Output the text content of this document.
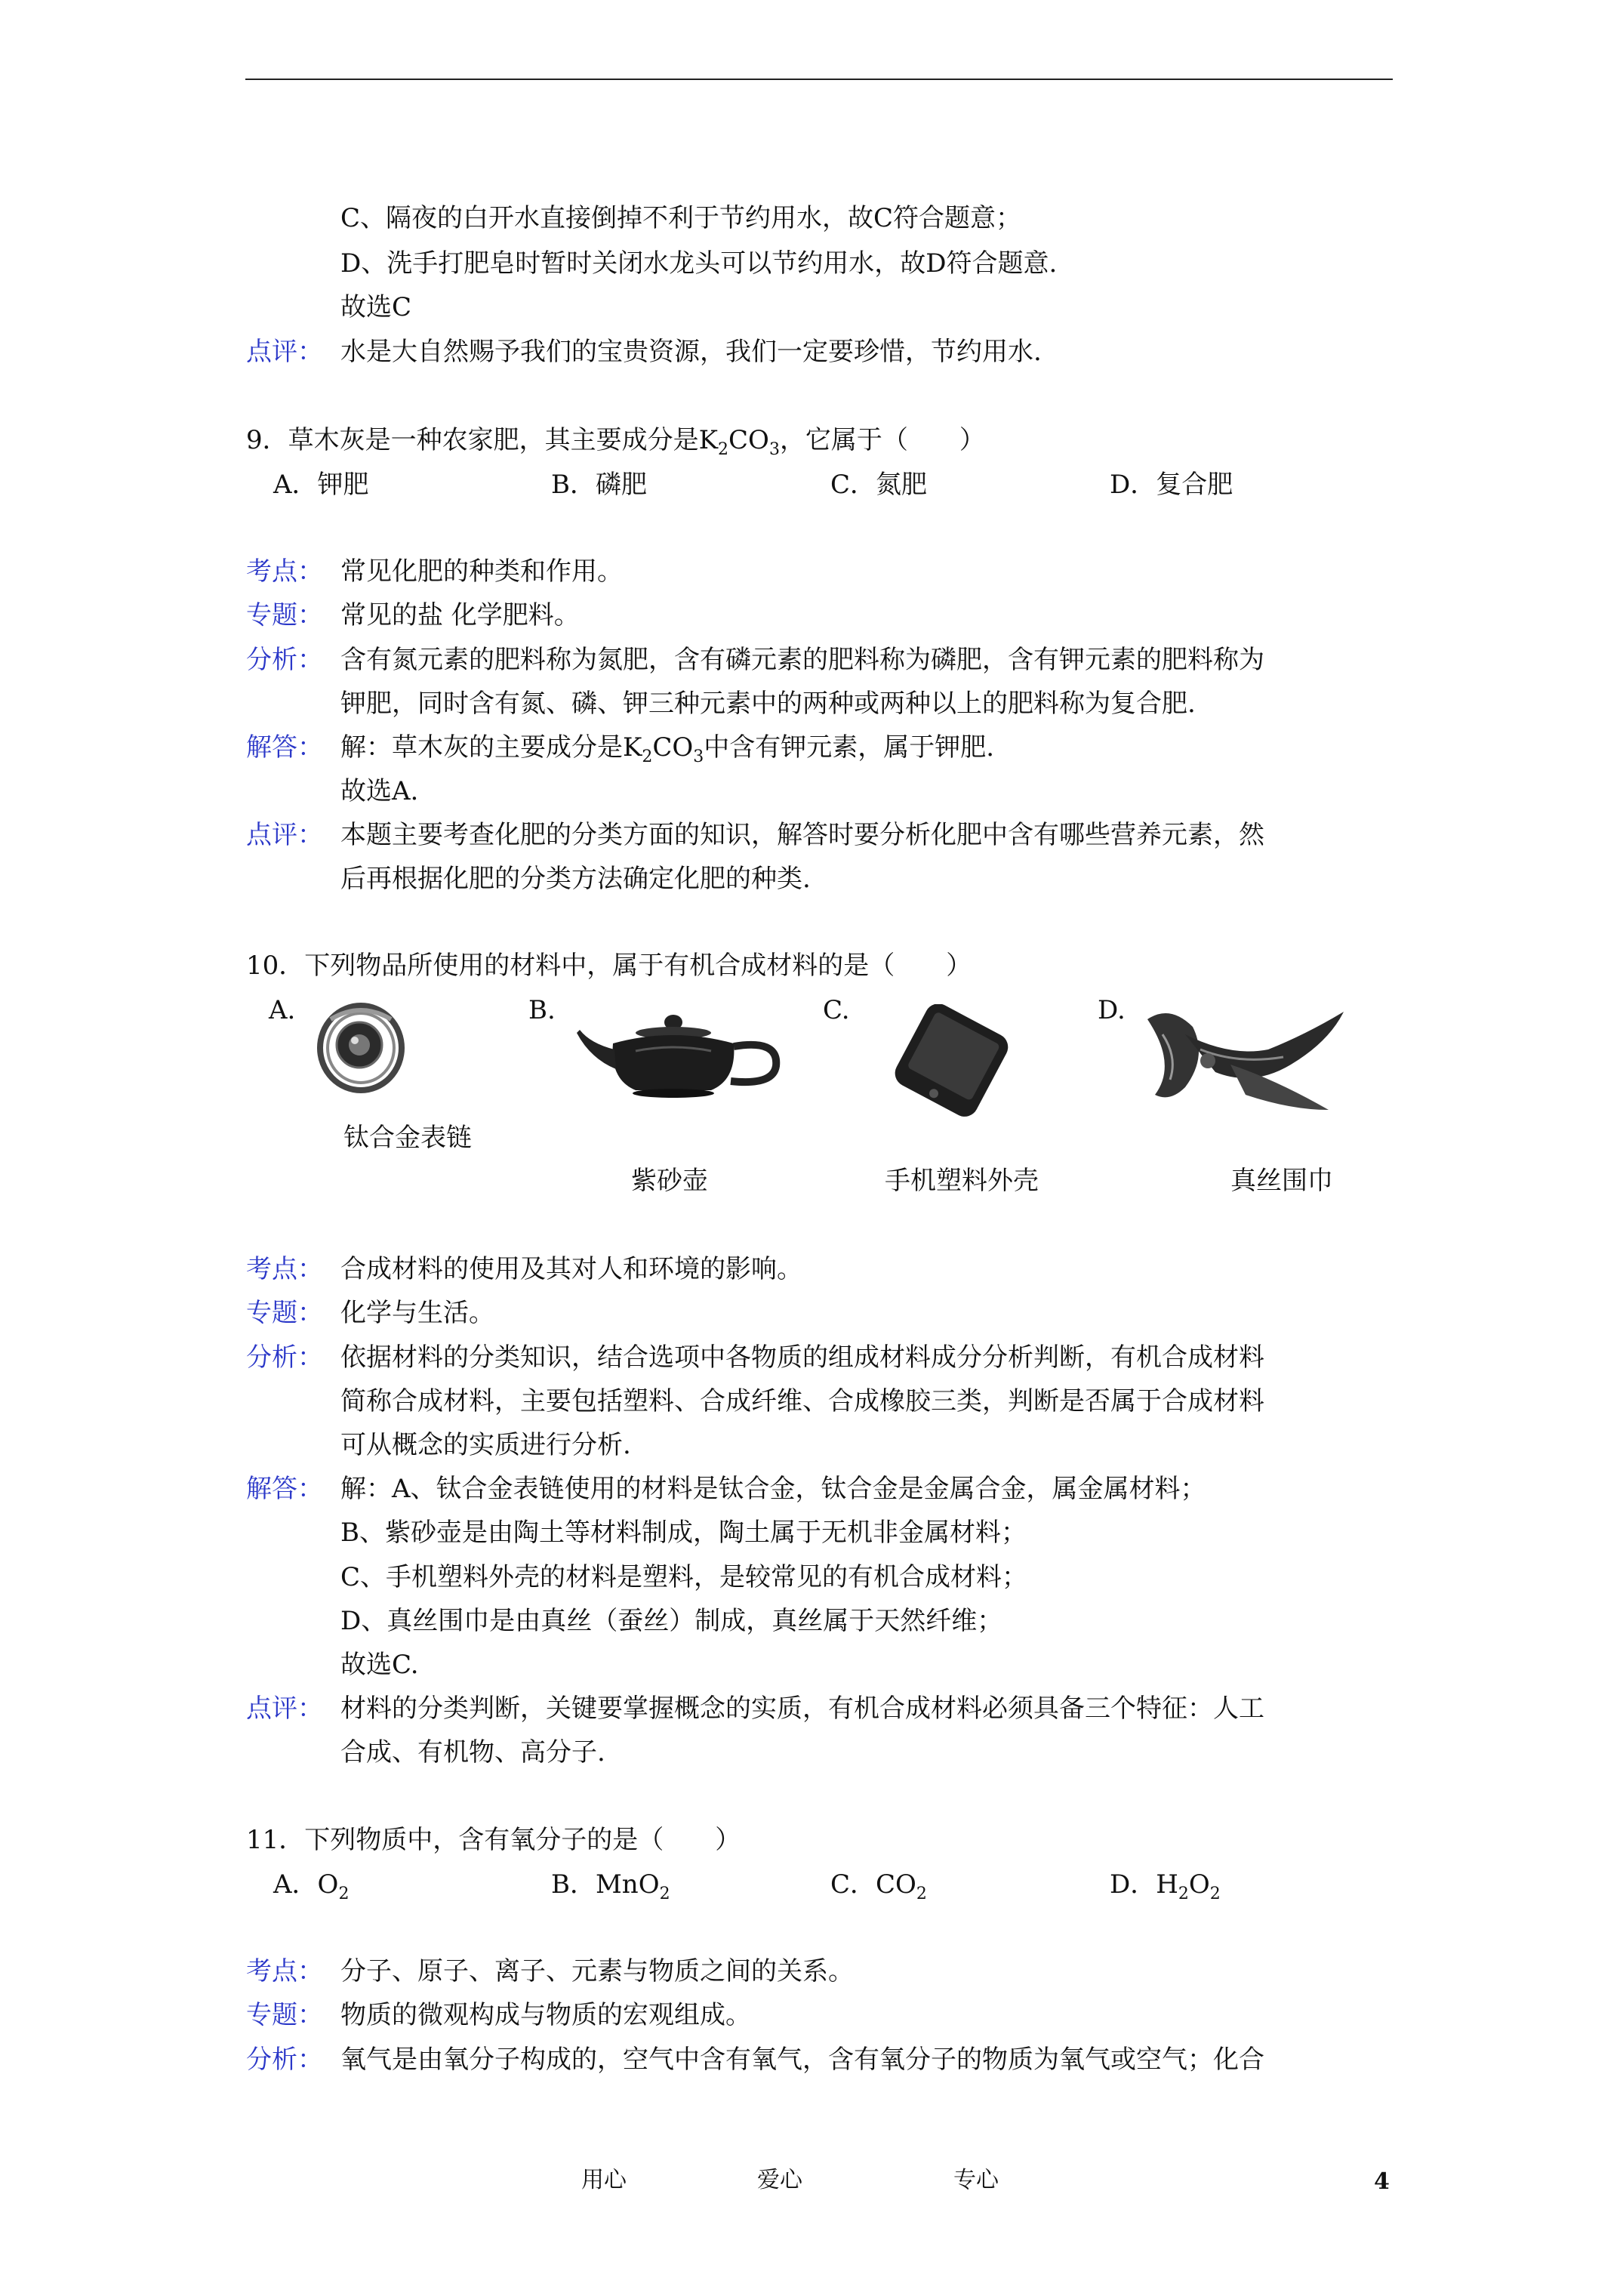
C、隔夜的白开水直接倒掉不利于节约用水，故C符合题意；
D、洗手打肥皂时暂时关闭水龙头可以节约用水，故D符合题意.
故选C
点评： 水是大自然赐予我们的宝贵资源，我们一定要珍惜，节约用水.
9．草木灰是一种农家肥，其主要成分是$K_2CO_3$，它属于（　　）
A．钾肥	B．磷肥	C．氮肥	D．复合肥
考点： 常见化肥的种类和作用。
专题： 常见的盐 化学肥料。
分析： 含有氮元素的肥料称为氮肥，含有磷元素的肥料称为磷肥，含有钾元素的肥料称为
钾肥，同时含有氮、磷、钾三种元素中的两种或两种以上的肥料称为复合肥.
解答： 解：草木灰的主要成分是$K_2CO_3$中含有钾元素，属于钾肥.
故选A.
点评： 本题主要考查化肥的分类方面的知识，解答时要分析化肥中含有哪些营养元素，然
后再根据化肥的分类方法确定化肥的种类.
10．下列物品所使用的材料中，属于有机合成材料的是（　　）
A.	B.	C.	D.
钛合金表链
紫砂壶	手机塑料外壳	真丝围巾
考点： 合成材料的使用及其对人和环境的影响。
专题： 化学与生活。
分析： 依据材料的分类知识，结合选项中各物质的组成材料成分分析判断，有机合成材料
简称合成材料，主要包括塑料、合成纤维、合成橡胶三类，判断是否属于合成材料
可从概念的实质进行分析.
解答： 解：A、钛合金表链使用的材料是钛合金，钛合金是金属合金，属金属材料；
B、紫砂壶是由陶土等材料制成，陶土属于无机非金属材料；
C、手机塑料外壳的材料是塑料，是较常见的有机合成材料；
D、真丝围巾是由真丝（蚕丝）制成，真丝属于天然纤维；
故选C.
点评： 材料的分类判断，关键要掌握概念的实质，有机合成材料必须具备三个特征：人工
合成、有机物、高分子.
11．下列物质中，含有氧分子的是（　　）
A．$O_2$	B．MnO$_2$	C．$CO_2$	D．$H_2O_2$
考点： 分子、原子、离子、元素与物质之间的关系。
专题： 物质的微观构成与物质的宏观组成。
分析： 氧气是由氧分子构成的，空气中含有氧气，含有氧分子的物质为氧气或空气；化合
用心	爱心	专心	4
